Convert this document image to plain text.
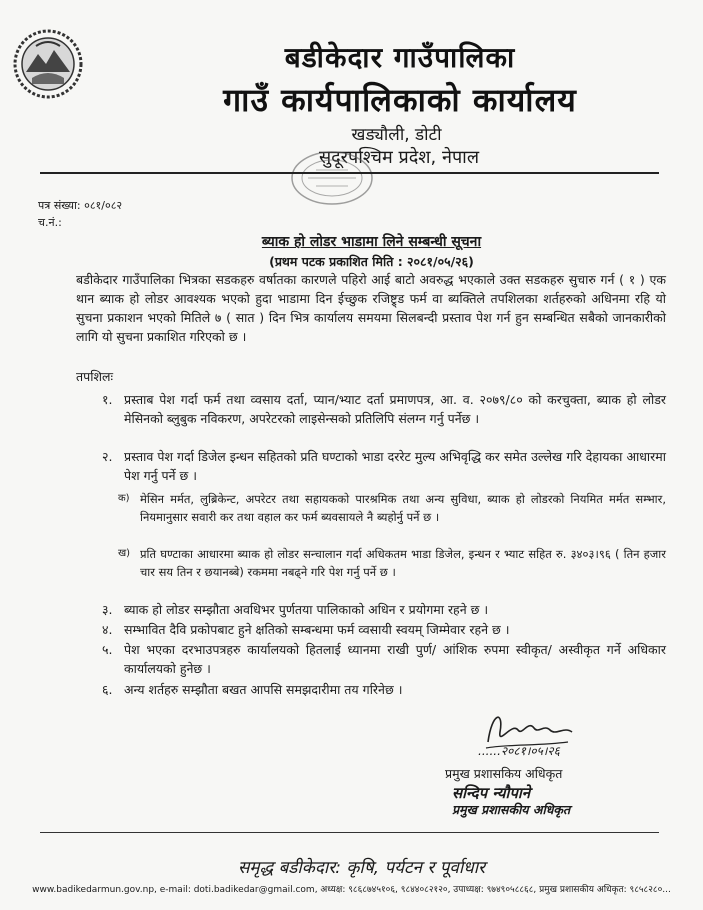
बडीकेदार गाउँपालिका
गाउँ कार्यपालिकाको कार्यालय
खड्यौली, डोटी
सुदूरपश्चिम प्रदेश, नेपाल
पत्र संख्या: ०८१/०८२
च.नं.:
ब्याक हो लोडर भाडामा लिने सम्बन्धी सूचना
(प्रथम पटक प्रकाशित मिति : २०८१/०५/२६)
बडीकेदार गाउँपालिका भित्रका सडकहरु वर्षातका कारणले पहिरो आई बाटो अवरुद्ध भएकाले उक्त सडकहरु सुचारु गर्न ( १ ) एक थान ब्याक हो लोडर आवश्यक भएको हुदा भाडामा दिन ईच्छुक रजिष्ट्र्ड फर्म वा ब्यक्तिले तपशिलका शर्तहरुको अधिनमा रहि यो सुचना प्रकाशन भएको मितिले ७ ( सात ) दिन भित्र कार्यालय समयमा सिलबन्दी प्रस्ताव पेश गर्न हुन सम्बन्धित सबैको जानकारीको लागि यो सुचना प्रकाशित गरिएको छ ।
तपशिलः
१. प्रस्ताब पेश गर्दा फर्म तथा व्वसाय दर्ता, प्यान/भ्याट दर्ता प्रमाणपत्र, आ. व. २०७९/८० को करचुक्ता, ब्याक हो लोडर मेसिनको ब्लुबुक नविकरण, अपरेटरको लाइसेन्सको प्रतिलिपि संलग्न गर्नु पर्नेछ ।
२. प्रस्ताव पेश गर्दा डिजेल इन्धन सहितको प्रति घण्टाको भाडा दररेट मुल्य अभिवृद्धि कर समेत उल्लेख गरि देहायका आधारमा पेश गर्नु पर्ने छ ।
क) मेसिन मर्मत, लुब्रिकेन्ट, अपरेटर तथा सहायकको पारश्रमिक तथा अन्य सुविधा, ब्याक हो लोडरको नियमित मर्मत सम्भार, नियमानुसार सवारी कर तथा वहाल कर फर्म ब्यवसायले नै ब्यहोर्नु पर्ने छ ।
ख) प्रति घण्टाका आधारमा ब्याक हो लोडर सन्चालान गर्दा अधिकतम भाडा डिजेल, इन्धन र भ्याट सहित रु. ३४०३।९६ ( तिन हजार चार सय तिन र छयानब्बे) रकममा नबढ्ने गरि पेश गर्नु पर्ने छ ।
३. ब्याक हो लोडर सम्झौता अवधिभर पुर्णतया पालिकाको अधिन र प्रयोगमा रहने छ ।
४. सम्भावित दैवि प्रकोपबाट हुने क्षतिको सम्बन्धमा फर्म व्वसायी स्वयम् जिम्मेवार रहने छ ।
५. पेश भएका दरभाउपत्रहरु कार्यालयको हितलाई ध्यानमा राखी पुर्ण/ आंशिक रुपमा स्वीकृत/ अस्वीकृत गर्ने अधिकार कार्यालयको हुनेछ ।
६. अन्य शर्तहरु सम्झौता बखत आपसि समझदारीमा तय गरिनेछ ।
......२०८१।०५।२६
प्रमुख प्रशासकिय अधिकृत
सन्दिप न्यौपाने
प्रमुख प्रशासकीय अधिकृत
समृद्ध बडीकेदार: कृषि, पर्यटन र पूर्वाधार
www.badikedarmun.gov.np, e-mail: doti.badikedar@gmail.com, अध्यक्ष: ९८६८७४५१०६, ९८४४०८२१२०, उपाध्यक्ष: ९७४९०५८८६८, प्रमुख प्रशासकीय अधिकृत: ९८५८२८०...
